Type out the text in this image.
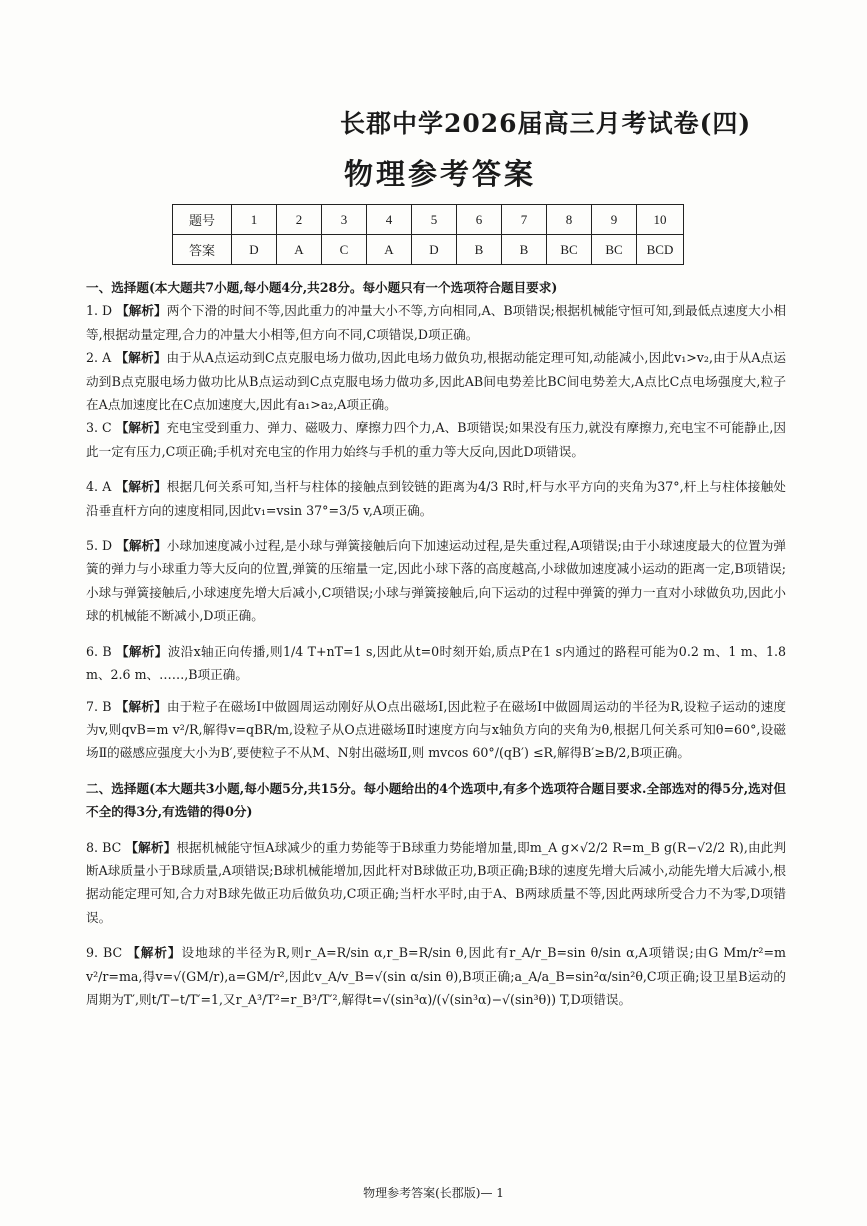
长郡中学2026届高三月考试卷(四)
物理参考答案
题号	1	2	3	4	5	6	7	8	9	10
答案	D	A	C	A	D	B	B	BC	BC	BCD

一、选择题(本大题共7小题,每小题4分,共28分。每小题只有一个选项符合题目要求)

1. D 【解析】两个下滑的时间不等,因此重力的冲量大小不等,方向相同,A、B项错误;根据机械能守恒可知,到最低点速度大小相等,根据动量定理,合力的冲量大小相等,但方向不同,C项错误,D项正确。

2. A 【解析】由于从A点运动到C点克服电场力做功,因此电场力做负功,根据动能定理可知,动能减小,因此v₁>v₂,由于从A点运动到B点克服电场力做功比从B点运动到C点克服电场力做功多,因此AB间电势差比BC间电势差大,A点比C点电场强度大,粒子在A点加速度比在C点加速度大,因此有a₁>a₂,A项正确。

3. C 【解析】充电宝受到重力、弹力、磁吸力、摩擦力四个力,A、B项错误;如果没有压力,就没有摩擦力,充电宝不可能静止,因此一定有压力,C项正确;手机对充电宝的作用力始终与手机的重力等大反向,因此D项错误。

4. A 【解析】根据几何关系可知,当杆与柱体的接触点到铰链的距离为4/3 R时,杆与水平方向的夹角为37°,杆上与柱体接触处沿垂直杆方向的速度相同,因此v₁=vsin 37°=3/5 v,A项正确。

5. D 【解析】小球加速度减小过程,是小球与弹簧接触后向下加速运动过程,是失重过程,A项错误;由于小球速度最大的位置为弹簧的弹力与小球重力等大反向的位置,弹簧的压缩量一定,因此小球下落的高度越高,小球做加速度减小运动的距离一定,B项错误;小球与弹簧接触后,小球速度先增大后减小,C项错误;小球与弹簧接触后,向下运动的过程中弹簧的弹力一直对小球做负功,因此小球的机械能不断减小,D项正确。

6. B 【解析】波沿x轴正向传播,则1/4 T+nT=1 s,因此从t=0时刻开始,质点P在1 s内通过的路程可能为0.2 m、1 m、1.8 m、2.6 m、……,B项正确。

7. B 【解析】由于粒子在磁场Ⅰ中做圆周运动刚好从O点出磁场Ⅰ,因此粒子在磁场Ⅰ中做圆周运动的半径为R,设粒子运动的速度为v,则qvB=m v²/R,解得v=qBR/m,设粒子从O点进磁场Ⅱ时速度方向与x轴负方向的夹角为θ,根据几何关系可知θ=60°,设磁场Ⅱ的磁感应强度大小为B′,要使粒子不从M、N射出磁场Ⅱ,则 mvcos 60°/(qB′) ≤R,解得B′≥B/2,B项正确。

二、选择题(本大题共3小题,每小题5分,共15分。每小题给出的4个选项中,有多个选项符合题目要求.全部选对的得5分,选对但不全的得3分,有选错的得0分)

8. BC 【解析】根据机械能守恒A球减少的重力势能等于B球重力势能增加量,即m_A g×√2/2 R=m_B g(R−√2/2 R),由此判断A球质量小于B球质量,A项错误;B球机械能增加,因此杆对B球做正功,B项正确;B球的速度先增大后减小,动能先增大后减小,根据动能定理可知,合力对B球先做正功后做负功,C项正确;当杆水平时,由于A、B两球质量不等,因此两球所受合力不为零,D项错误。

9. BC 【解析】设地球的半径为R,则r_A=R/sin α,r_B=R/sin θ,因此有r_A/r_B=sin θ/sin α,A项错误;由G Mm/r²=m v²/r=ma,得v=√(GM/r),a=GM/r²,因此v_A/v_B=√(sin α/sin θ),B项正确;a_A/a_B=sin²α/sin²θ,C项正确;设卫星B运动的周期为T′,则t/T−t/T′=1,又r_A³/T²=r_B³/T′²,解得t=√(sin³α)/(√(sin³α)−√(sin³θ)) T,D项错误。

物理参考答案(长郡版)— 1
